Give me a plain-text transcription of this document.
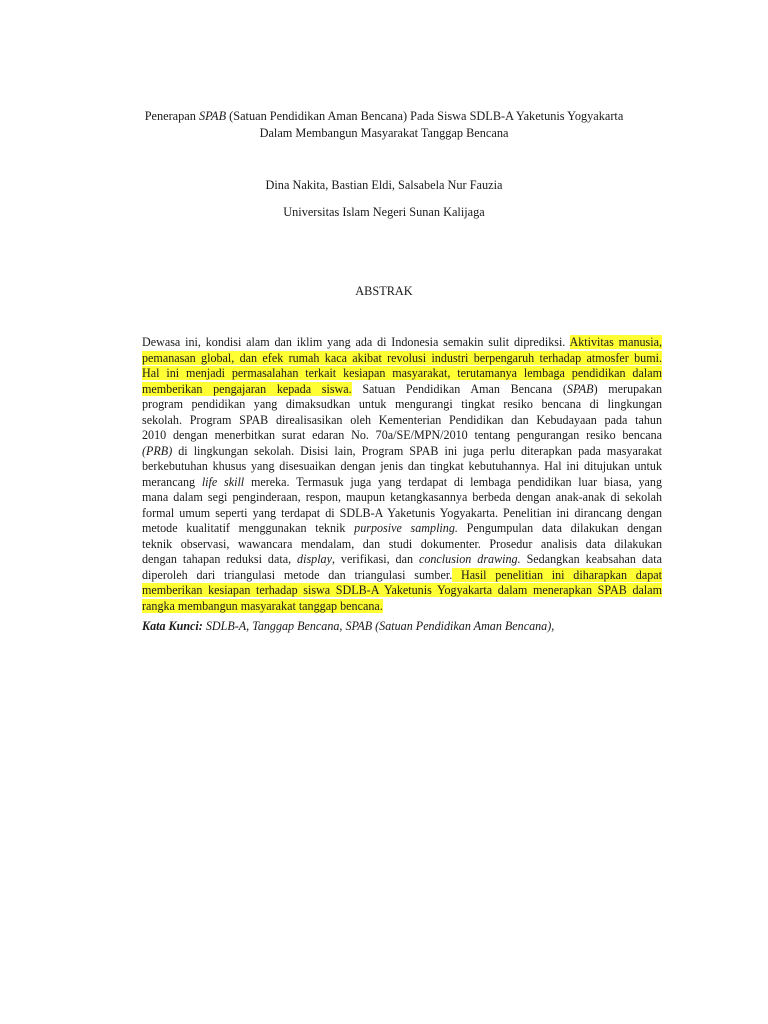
Penerapan SPAB (Satuan Pendidikan Aman Bencana) Pada Siswa SDLB-A Yaketunis Yogyakarta
Dalam Membangun Masyarakat Tanggap Bencana
Dina Nakita, Bastian Eldi, Salsabela Nur Fauzia
Universitas Islam Negeri Sunan Kalijaga
ABSTRAK
Dewasa ini, kondisi alam dan iklim yang ada di Indonesia semakin sulit diprediksi. Aktivitas manusia,
pemanasan global, dan efek rumah kaca akibat revolusi industri berpengaruh terhadap atmosfer bumi.
Hal ini menjadi permasalahan terkait kesiapan masyarakat, terutamanya lembaga pendidikan dalam
memberikan pengajaran kepada siswa. Satuan Pendidikan Aman Bencana (SPAB) merupakan
program pendidikan yang dimaksudkan untuk mengurangi tingkat resiko bencana di lingkungan
sekolah. Program SPAB direalisasikan oleh Kementerian Pendidikan dan Kebudayaan pada tahun
2010 dengan menerbitkan surat edaran No. 70a/SE/MPN/2010 tentang pengurangan resiko bencana
(PRB) di lingkungan sekolah. Disisi lain, Program SPAB ini juga perlu diterapkan pada masyarakat
berkebutuhan khusus yang disesuaikan dengan jenis dan tingkat kebutuhannya. Hal ini ditujukan untuk
merancang life skill mereka. Termasuk juga yang terdapat di lembaga pendidikan luar biasa, yang
mana dalam segi penginderaan, respon, maupun ketangkasannya berbeda dengan anak-anak di sekolah
formal umum seperti yang terdapat di SDLB-A Yaketunis Yogyakarta. Penelitian ini dirancang dengan
metode kualitatif menggunakan teknik purposive sampling. Pengumpulan data dilakukan dengan
teknik observasi, wawancara mendalam, dan studi dokumenter. Prosedur analisis data dilakukan
dengan tahapan reduksi data, display, verifikasi, dan conclusion drawing. Sedangkan keabsahan data
diperoleh dari triangulasi metode dan triangulasi sumber. Hasil penelitian ini diharapkan dapat
memberikan kesiapan terhadap siswa SDLB-A Yaketunis Yogyakarta dalam menerapkan SPAB dalam
rangka membangun masyarakat tanggap bencana.
Kata Kunci: SDLB-A, Tanggap Bencana, SPAB (Satuan Pendidikan Aman Bencana),
